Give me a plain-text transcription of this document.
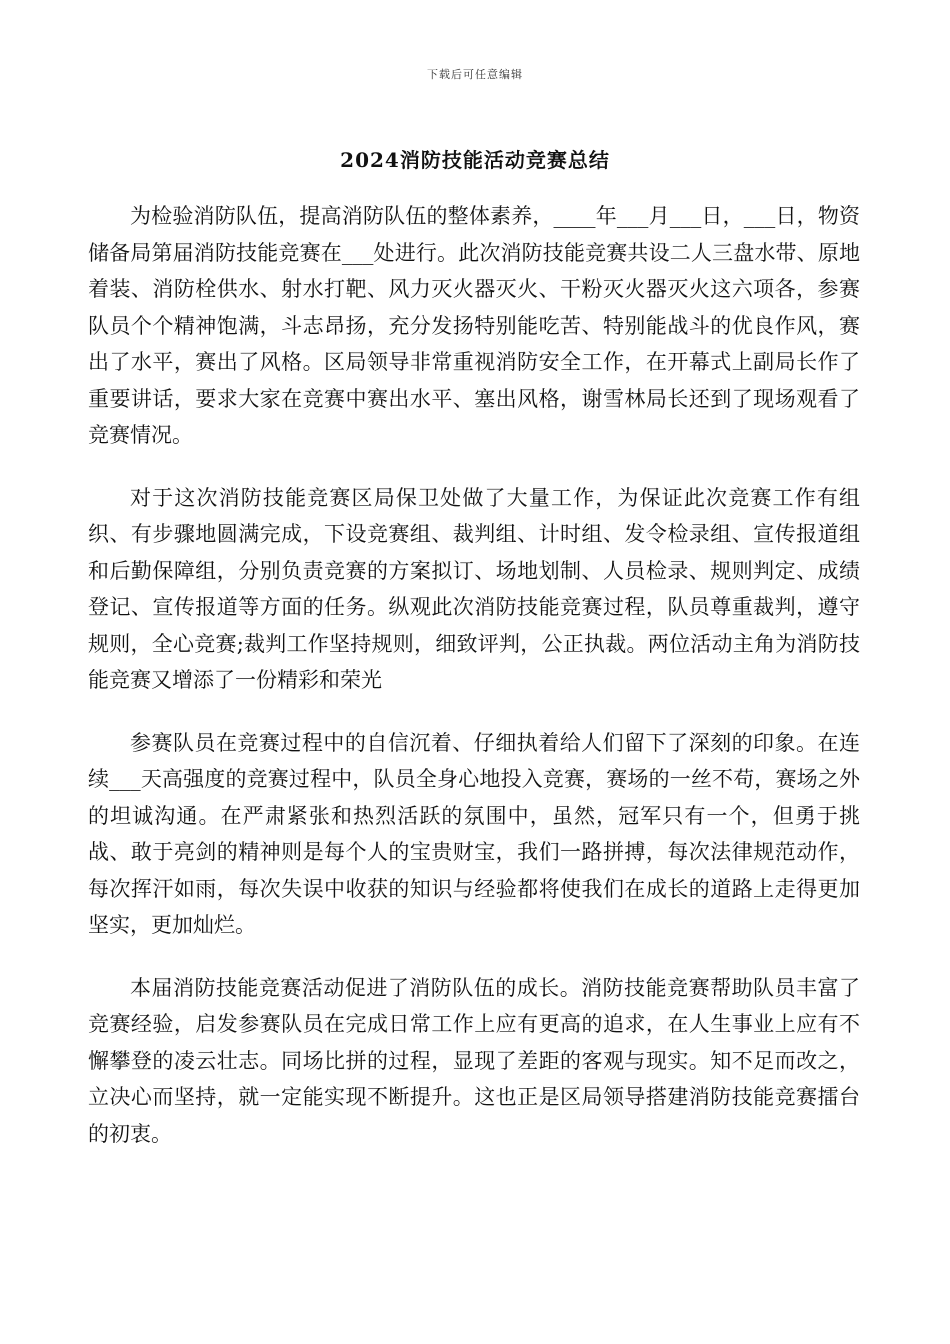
下载后可任意编辑
2024消防技能活动竞赛总结

为检验消防队伍，提高消防队伍的整体素养，____年___月___日，___日，物资储备局第届消防技能竞赛在___处进行。此次消防技能竞赛共设二人三盘水带、原地着装、消防栓供水、射水打靶、风力灭火器灭火、干粉灭火器灭火这六项各，参赛队员个个精神饱满，斗志昂扬，充分发扬特别能吃苦、特别能战斗的优良作风，赛出了水平，赛出了风格。区局领导非常重视消防安全工作，在开幕式上副局长作了重要讲话，要求大家在竞赛中赛出水平、塞出风格，谢雪林局长还到了现场观看了竞赛情况。

对于这次消防技能竞赛区局保卫处做了大量工作，为保证此次竞赛工作有组织、有步骤地圆满完成，下设竞赛组、裁判组、计时组、发令检录组、宣传报道组和后勤保障组，分别负责竞赛的方案拟订、场地划制、人员检录、规则判定、成绩登记、宣传报道等方面的任务。纵观此次消防技能竞赛过程，队员尊重裁判，遵守规则，全心竞赛;裁判工作坚持规则，细致评判，公正执裁。两位活动主角为消防技能竞赛又增添了一份精彩和荣光

参赛队员在竞赛过程中的自信沉着、仔细执着给人们留下了深刻的印象。在连续___天高强度的竞赛过程中，队员全身心地投入竞赛，赛场的一丝不苟，赛场之外的坦诚沟通。在严肃紧张和热烈活跃的氛围中，虽然，冠军只有一个，但勇于挑战、敢于亮剑的精神则是每个人的宝贵财宝，我们一路拼搏，每次法律规范动作，每次挥汗如雨，每次失误中收获的知识与经验都将使我们在成长的道路上走得更加坚实，更加灿烂。

本届消防技能竞赛活动促进了消防队伍的成长。消防技能竞赛帮助队员丰富了竞赛经验，启发参赛队员在完成日常工作上应有更高的追求，在人生事业上应有不懈攀登的凌云壮志。同场比拼的过程，显现了差距的客观与现实。知不足而改之，立决心而坚持，就一定能实现不断提升。这也正是区局领导搭建消防技能竞赛擂台的初衷。
